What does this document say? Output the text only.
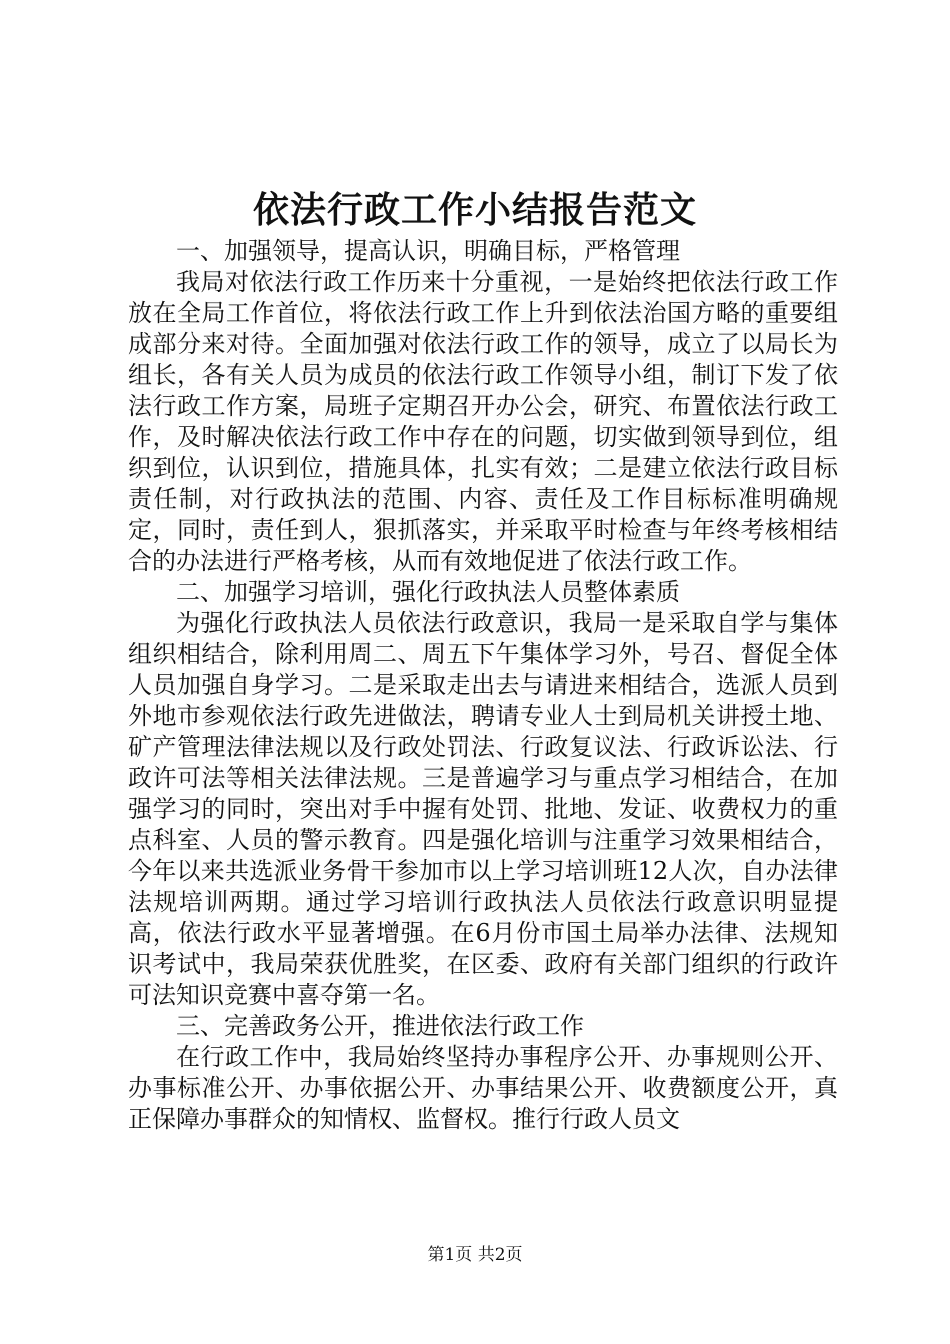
依法行政工作小结报告范文

一、加强领导，提高认识，明确目标，严格管理

我局对依法行政工作历来十分重视，一是始终把依法行政工作放在全局工作首位，将依法行政工作上升到依法治国方略的重要组成部分来对待。全面加强对依法行政工作的领导，成立了以局长为组长，各有关人员为成员的依法行政工作领导小组，制订下发了依法行政工作方案，局班子定期召开办公会，研究、布置依法行政工作，及时解决依法行政工作中存在的问题，切实做到领导到位，组织到位，认识到位，措施具体，扎实有效；二是建立依法行政目标责任制，对行政执法的范围、内容、责任及工作目标标准明确规定，同时，责任到人，狠抓落实，并采取平时检查与年终考核相结合的办法进行严格考核，从而有效地促进了依法行政工作。

二、加强学习培训，强化行政执法人员整体素质

为强化行政执法人员依法行政意识，我局一是采取自学与集体组织相结合，除利用周二、周五下午集体学习外，号召、督促全体人员加强自身学习。二是采取走出去与请进来相结合，选派人员到外地市参观依法行政先进做法，聘请专业人士到局机关讲授土地、矿产管理法律法规以及行政处罚法、行政复议法、行政诉讼法、行政许可法等相关法律法规。三是普遍学习与重点学习相结合，在加强学习的同时，突出对手中握有处罚、批地、发证、收费权力的重点科室、人员的警示教育。四是强化培训与注重学习效果相结合，今年以来共选派业务骨干参加市以上学习培训班12人次，自办法律法规培训两期。通过学习培训行政执法人员依法行政意识明显提高，依法行政水平显著增强。在6月份市国土局举办法律、法规知识考试中，我局荣获优胜奖，在区委、政府有关部门组织的行政许可法知识竞赛中喜夺第一名。

三、完善政务公开，推进依法行政工作

在行政工作中，我局始终坚持办事程序公开、办事规则公开、办事标准公开、办事依据公开、办事结果公开、收费额度公开，真正保障办事群众的知情权、监督权。推行行政人员文

第1页 共2页
